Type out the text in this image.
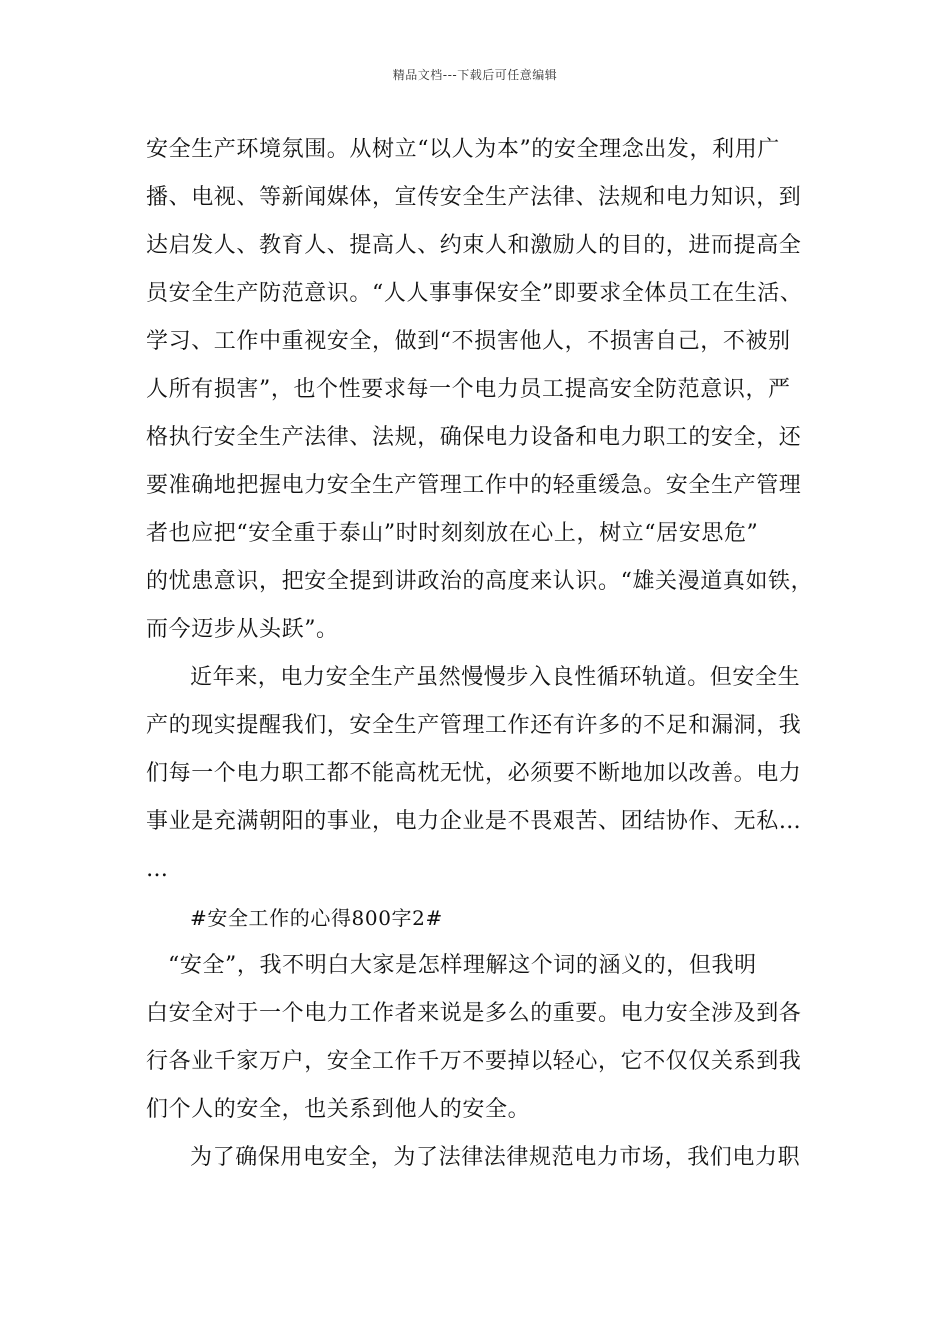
精品文档---下载后可任意编辑
安全生产环境氛围。从树立“以人为本”的安全理念出发，利用广
播、电视、等新闻媒体，宣传安全生产法律、法规和电力知识，到
达启发人、教育人、提高人、约束人和激励人的目的，进而提高全
员安全生产防范意识。“人人事事保安全”即要求全体员工在生活、
学习、工作中重视安全，做到“不损害他人，不损害自己，不被别
人所有损害”，也个性要求每一个电力员工提高安全防范意识，严
格执行安全生产法律、法规，确保电力设备和电力职工的安全，还
要准确地把握电力安全生产管理工作中的轻重缓急。安全生产管理
者也应把“安全重于泰山”时时刻刻放在心上，树立“居安思危”
的忧患意识，把安全提到讲政治的高度来认识。“雄关漫道真如铁，
而今迈步从头跃”。
近年来，电力安全生产虽然慢慢步入良性循环轨道。但安全生
产的现实提醒我们，安全生产管理工作还有许多的不足和漏洞，我
们每一个电力职工都不能高枕无忧，必须要不断地加以改善。电力
事业是充满朝阳的事业，电力企业是不畏艰苦、团结协作、无私…
…
#安全工作的心得800字2#
“安全”，我不明白大家是怎样理解这个词的涵义的，但我明
白安全对于一个电力工作者来说是多么的重要。电力安全涉及到各
行各业千家万户，安全工作千万不要掉以轻心，它不仅仅关系到我
们个人的安全，也关系到他人的安全。
为了确保用电安全，为了法律法律规范电力市场，我们电力职
